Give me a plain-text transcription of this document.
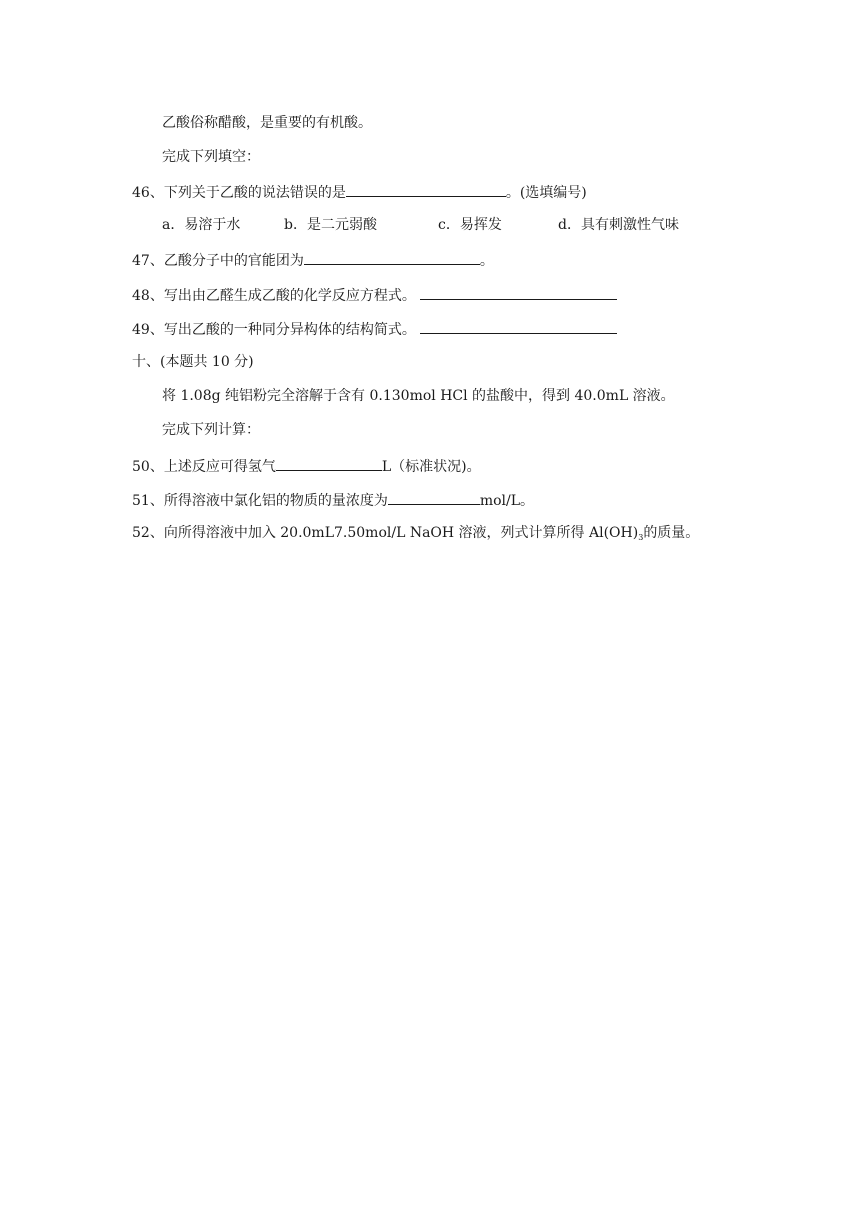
乙酸俗称醋酸，是重要的有机酸。
完成下列填空：
46、下列关于乙酸的说法错误的是	。(选填编号)
a．易溶于水	b．是二元弱酸	c．易挥发	d．具有刺激性气味
47、乙酸分子中的官能团为	。
48、写出由乙醛生成乙酸的化学反应方程式。
49、写出乙酸的一种同分异构体的结构简式。
十、(本题共 10 分)
将 1.08g 纯铝粉完全溶解于含有 0.130mol HCl 的盐酸中，得到 40.0mL 溶液。
完成下列计算：
50、上述反应可得氢气	L（标准状况)。
51、所得溶液中氯化铝的物质的量浓度为	mol/L。
52、向所得溶液中加入 20.0mL7.50mol/L NaOH 溶液，列式计算所得 $Al(OH)_3$的质量。
